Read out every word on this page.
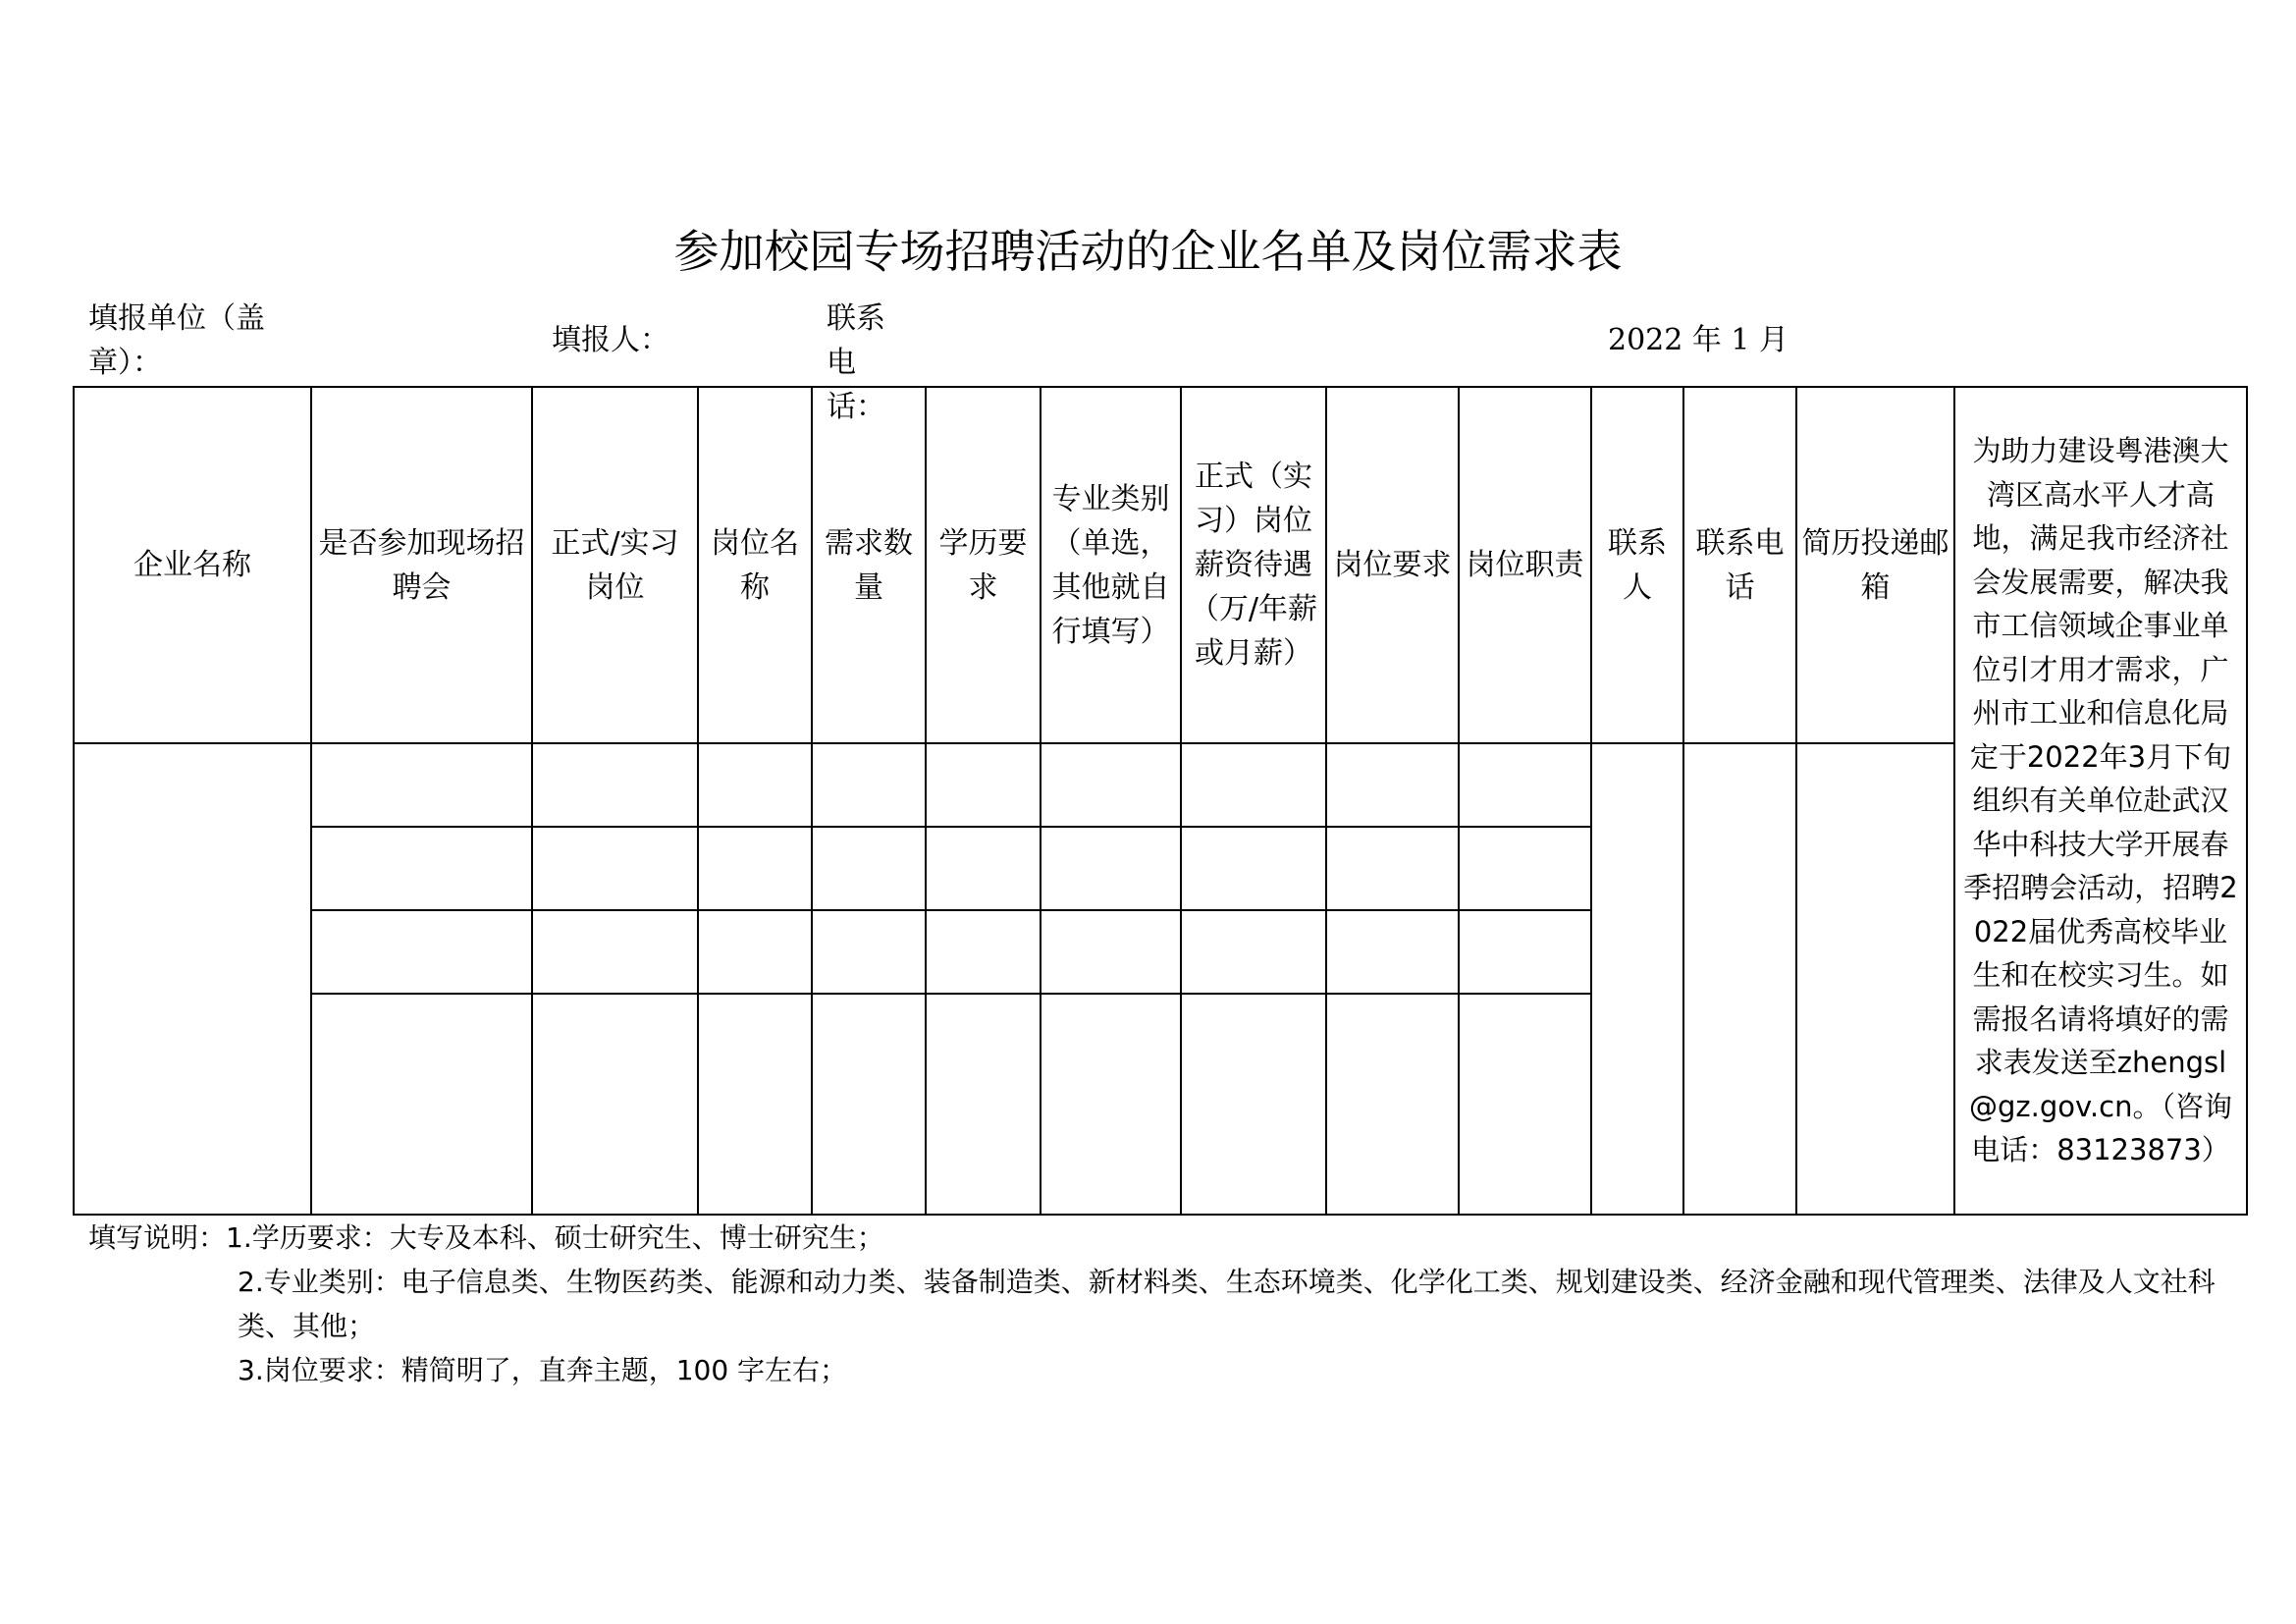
参加校园专场招聘活动的企业名单及岗位需求表
填报单位（盖章）：
填报人：
联系电话：
2022 年 1 月
企业名称	是否参加现场招聘会	正式/实习岗位	岗位名称	需求数量	学历要求	专业类别（单选，其他就自行填写）	正式（实习）岗位薪资待遇（万/年薪或月薪）	岗位要求	岗位职责	联系人	联系电话	简历投递邮箱	为助力建设粤港澳大湾区高水平人才高地，满足我市经济社会发展需要，解决我市工信领域企事业单位引才用才需求，广州市工业和信息化局定于2022年3月下旬组织有关单位赴武汉华中科技大学开展春季招聘会活动，招聘2022届优秀高校毕业生和在校实习生。如需报名请将填好的需求表发送至zhengsl@gz.gov.cn。（咨询电话：83123873）

填写说明：1.学历要求：大专及本科、硕士研究生、博士研究生；

2.专业类别：电子信息类、生物医药类、能源和动力类、装备制造类、新材料类、生态环境类、化学化工类、规划建设类、经济金融和现代管理类、法律及人文社科类、其他；

3.岗位要求：精简明了，直奔主题，100 字左右；
